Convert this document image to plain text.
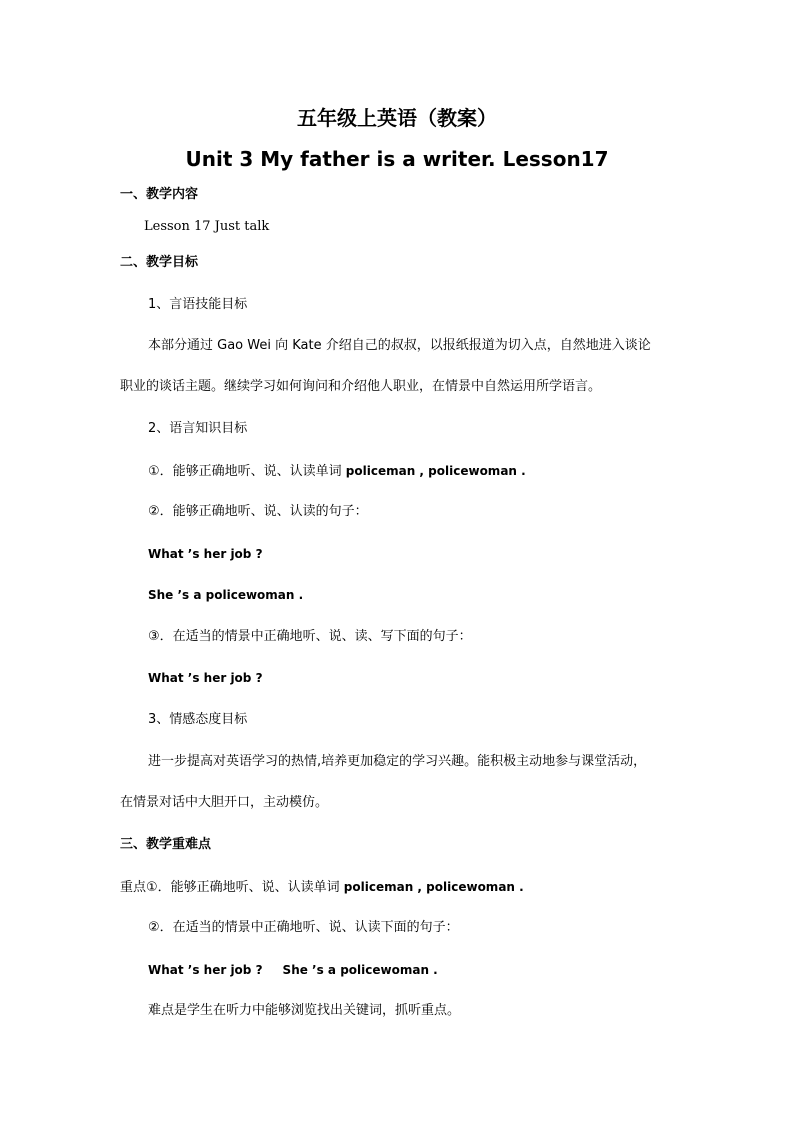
五年级上英语（教案）
Unit 3 My father is a writer. Lesson17
一、教学内容
Lesson 17 Just talk
二、教学目标
1、言语技能目标
本部分通过 Gao Wei 向 Kate 介绍自己的叔叔，以报纸报道为切入点，自然地进入谈论
职业的谈话主题。继续学习如何询问和介绍他人职业，在情景中自然运用所学语言。
2、语言知识目标
①．能够正确地听、说、认读单词 policeman , policewoman .
②．能够正确地听、说、认读的句子：
What ’s her job ?
She ’s a policewoman .
③．在适当的情景中正确地听、说、读、写下面的句子：
What ’s her job ?
3、情感态度目标
进一步提高对英语学习的热情,培养更加稳定的学习兴趣。能积极主动地参与课堂活动，
在情景对话中大胆开口，主动模仿。
三、教学重难点
重点①．能够正确地听、说、认读单词 policeman , policewoman .
②．在适当的情景中正确地听、说、认读下面的句子：
What ’s her job ? She ’s a policewoman .
难点是学生在听力中能够浏览找出关键词，抓听重点。
